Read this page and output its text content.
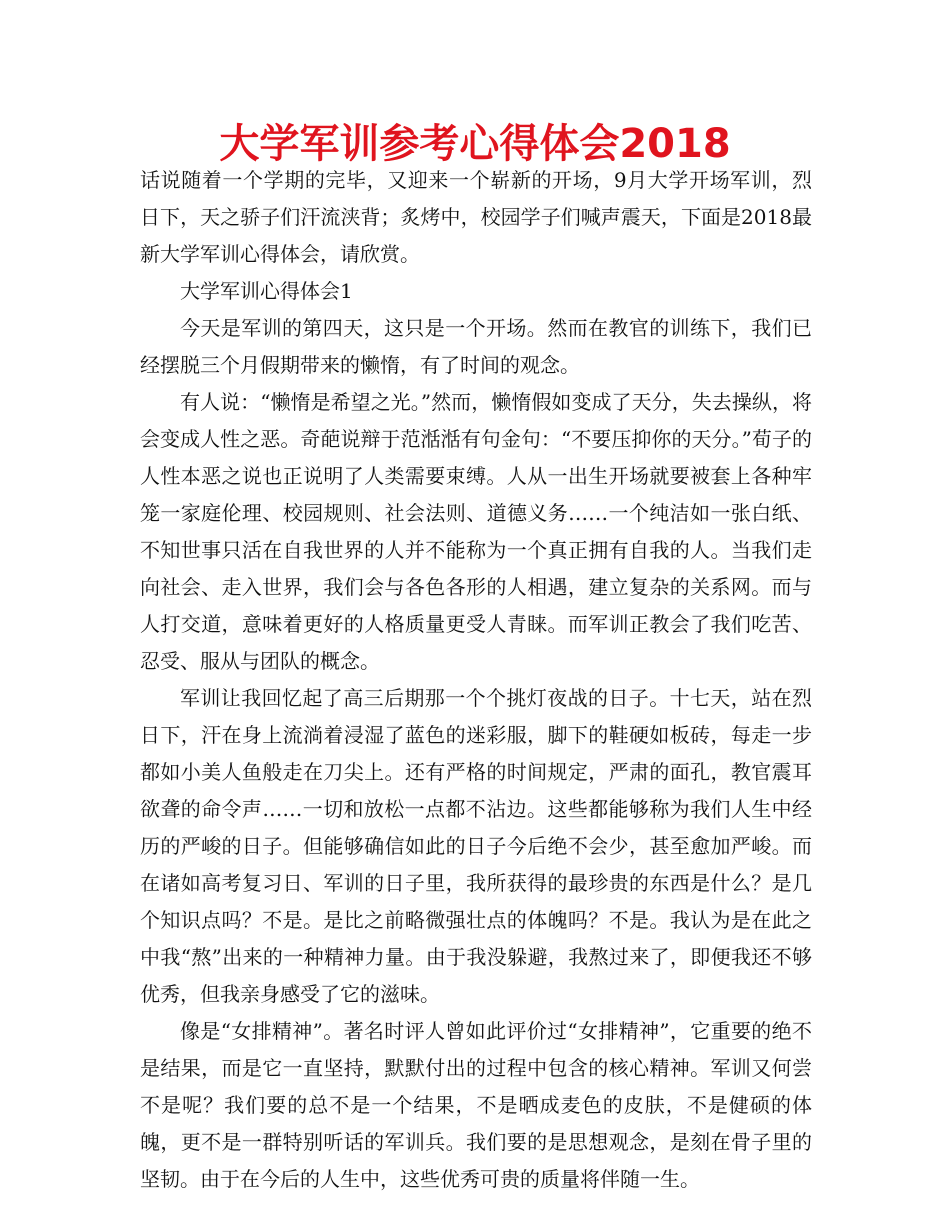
大学军训参考心得体会2018

话说随着一个学期的完毕，又迎来一个崭新的开场，9月大学开场军训，烈日下，天之骄子们汗流浃背；炙烤中，校园学子们喊声震天，下面是2018最新大学军训心得体会，请欣赏。

大学军训心得体会1

今天是军训的第四天，这只是一个开场。然而在教官的训练下，我们已经摆脱三个月假期带来的懒惰，有了时间的观念。

有人说：“懒惰是希望之光。”然而，懒惰假如变成了天分，失去操纵，将会变成人性之恶。奇葩说辩于范湉湉有句金句：“不要压抑你的天分。”荀子的人性本恶之说也正说明了人类需要束缚。人从一出生开场就要被套上各种牢笼一家庭伦理、校园规则、社会法则、道德义务……一个纯洁如一张白纸、不知世事只活在自我世界的人并不能称为一个真正拥有自我的人。当我们走向社会、走入世界，我们会与各色各形的人相遇，建立复杂的关系网。而与人打交道，意味着更好的人格质量更受人青睐。而军训正教会了我们吃苦、忍受、服从与团队的概念。

军训让我回忆起了高三后期那一个个挑灯夜战的日子。十七天，站在烈日下，汗在身上流淌着浸湿了蓝色的迷彩服，脚下的鞋硬如板砖，每走一步都如小美人鱼般走在刀尖上。还有严格的时间规定，严肃的面孔，教官震耳欲聋的命令声……一切和放松一点都不沾边。这些都能够称为我们人生中经历的严峻的日子。但能够确信如此的日子今后绝不会少，甚至愈加严峻。而在诸如高考复习日、军训的日子里，我所获得的最珍贵的东西是什么？是几个知识点吗？不是。是比之前略微强壮点的体魄吗？不是。我认为是在此之中我“熬”出来的一种精神力量。由于我没躲避，我熬过来了，即便我还不够优秀，但我亲身感受了它的滋味。

像是“女排精神”。著名时评人曾如此评价过“女排精神”，它重要的绝不是结果，而是它一直坚持，默默付出的过程中包含的核心精神。军训又何尝不是呢？我们要的总不是一个结果，不是晒成麦色的皮肤，不是健硕的体魄，更不是一群特别听话的军训兵。我们要的是思想观念，是刻在骨子里的坚韧。由于在今后的人生中，这些优秀可贵的质量将伴随一生。
